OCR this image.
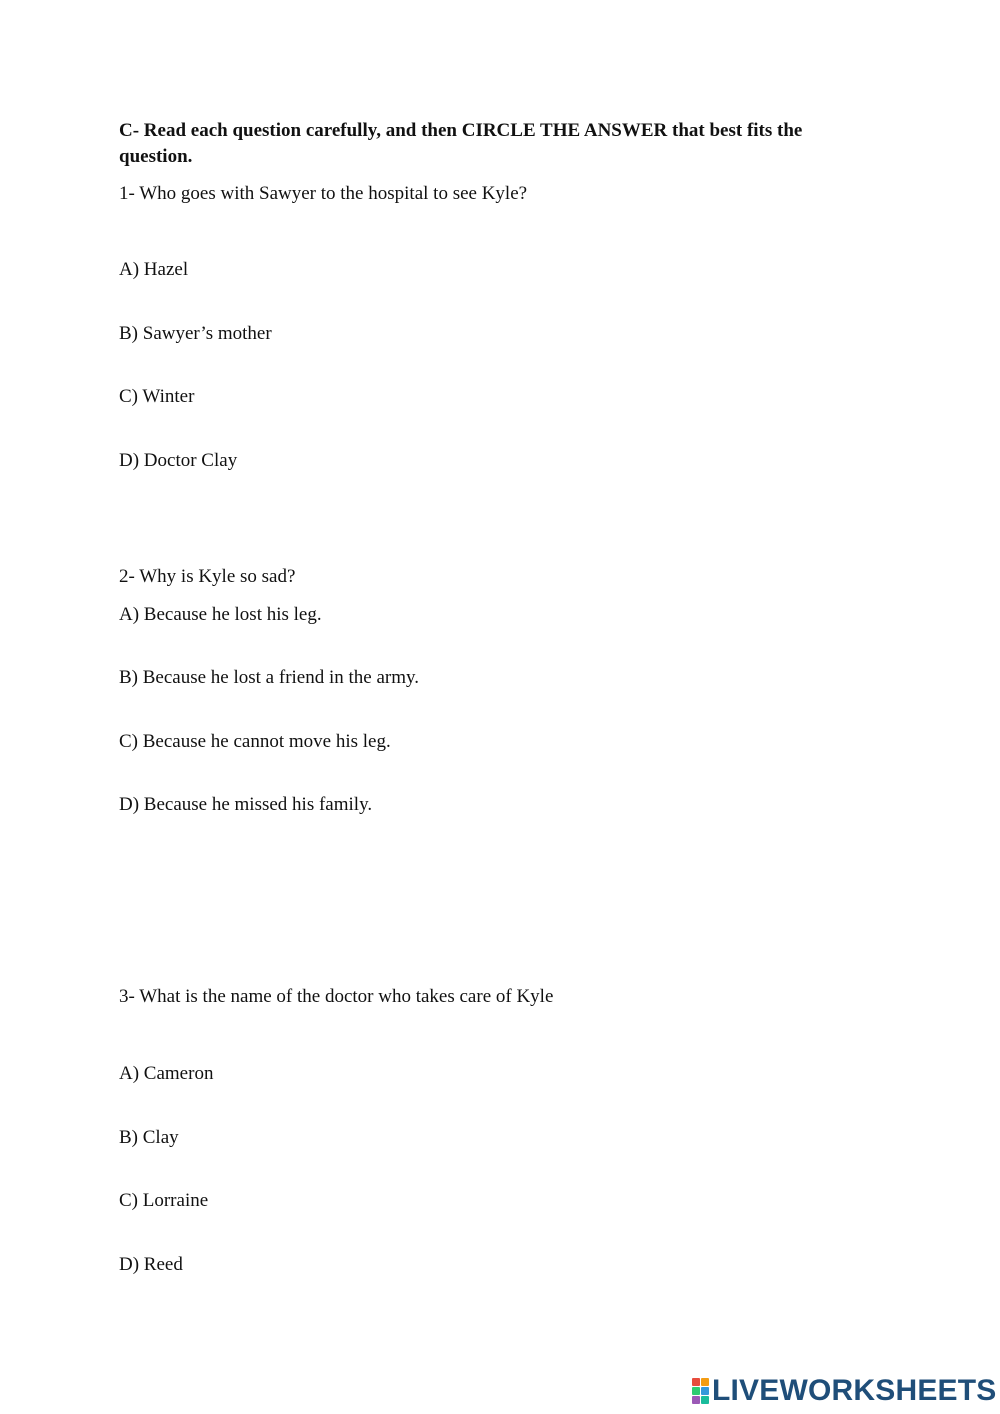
C- Read each question carefully, and then CIRCLE THE ANSWER that best fits the question.
1- Who goes with Sawyer to the hospital to see Kyle?
A) Hazel
B) Sawyer’s mother
C) Winter
D) Doctor Clay
2- Why is Kyle so sad?
A) Because he lost his leg.
B) Because he lost a friend in the army.
C) Because he cannot move his leg.
D) Because he missed his family.
3- What is the name of the doctor who takes care of Kyle
A) Cameron
B) Clay
C) Lorraine
D) Reed
LIVEWORKSHEETS
